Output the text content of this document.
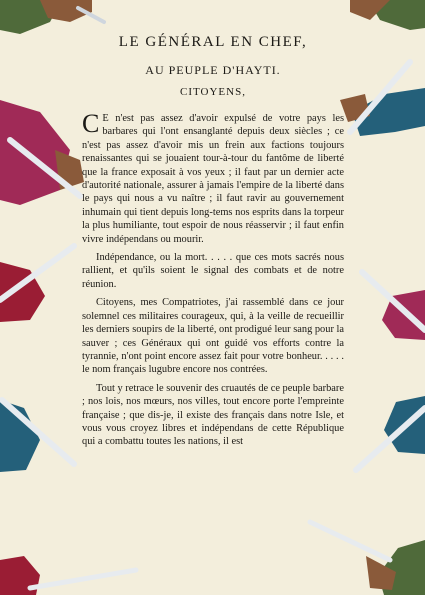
LE GÉNÉRAL EN CHEF,
AU PEUPLE D'HAYTI.
CITOYENS,

C E n'est pas assez d'avoir expulsé de votre pays les barbares qui l'ont ensanglanté depuis deux siècles ; ce n'est pas assez d'avoir mis un frein aux factions toujours renaissantes qui se jouaient tour-à-tour du fantôme de liberté que la france exposait à vos yeux ; il faut par un dernier acte d'autorité nationale, assurer à jamais l'empire de la liberté dans le pays qui nous a vu naître ; il faut ravir au gouvernement inhumain qui tient depuis long-tems nos esprits dans la torpeur la plus humiliante, tout espoir de nous réasservir ; il faut enfin vivre indépendans ou mourir.

Indépendance, ou la mort. . . . . que ces mots sacrés nous rallient, et qu'ils soient le signal des combats et de notre réunion.

Citoyens, mes Compatriotes, j'ai rassemblé dans ce jour solemnel ces militaires courageux, qui, à la veille de recueillir les derniers soupirs de la liberté, ont prodigué leur sang pour la sauver ; ces Généraux qui ont guidé vos efforts contre la tyrannie, n'ont point encore assez fait pour votre bonheur. . . . . le nom français lugubre encore nos contrées.

Tout y retrace le souvenir des cruautés de ce peuple barbare ; nos lois, nos mœurs, nos villes, tout encore porte l'empreinte française ; que dis-je, il existe des français dans notre Isle, et vous vous croyez libres et indépendans de cette République qui a combattu toutes les nations, il est
